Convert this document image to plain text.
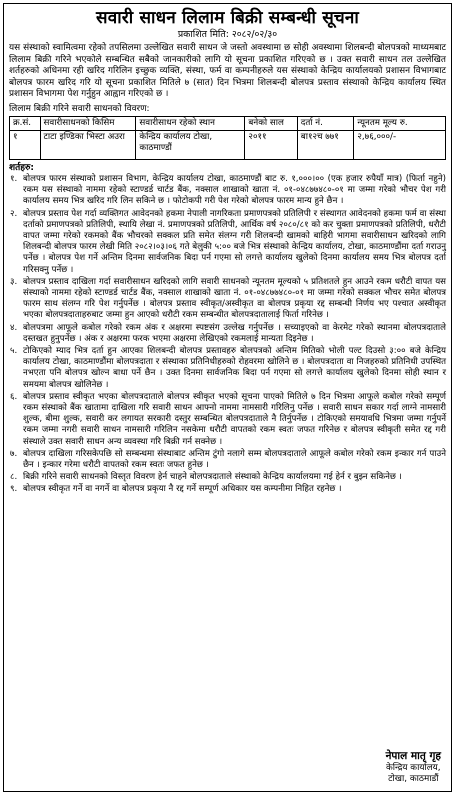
सवारी साधन लिलाम बिक्री सम्बन्धी सूचना
प्रकाशित मिति: २०८२/०२/३०

यस संस्थाको स्वामित्वमा रहेको तपसिलमा उल्लेखित सवारी साधन जे जस्तो अवस्थामा छ सोही अवस्थामा शिलबन्दी बोलपत्रको माध्यमबाट लिलाम बिक्री गरिने भएकोले सम्बन्धित सबैको जानकारीको लागि यो सूचना प्रकाशित गरिएको छ । उक्त सवारी साधन तल उल्लेखित शर्तहरुको अधिनमा रही खरिद गरिलिन इच्छुक व्यक्ति, संस्था, फर्म वा कम्पनीहरुले यस संस्थाको केन्द्रिय कार्यालयको प्रशासन विभागबाट बोलपत्र फारम खरिद गरि यो सूचना प्रकाशित मितिले ७ (सात) दिन भित्रमा शिलबन्दी बोलपत्र प्रस्ताव संस्थाको केन्द्रिय कार्यालय स्थित प्रशासन विभागमा पेश गर्नुहुन आह्वान गरिएको छ ।

लिलाम बिक्री गरिने सवारी साधनको विवरण:
क्र.सं.	सवारीसाधनको किसिम	सवारीसाधन रहेको स्थान	बनेको साल	दर्ता नं.	न्यूनतम मूल्य रु.
१	टाटा इण्डिका भिस्टा अउरा	केन्द्रिय कार्यालय टोखा, काठमाण्डौं	२०११	बा१२च ७७१	२,७६,०००/-
शर्तहरु:
१. बोलपत्र फारम संस्थाको प्रशासन विभाग, केन्द्रिय कार्यालय टोखा, काठमाण्डौं बाट रु. १,०००।०० (एक हजार रुपैयाँ मात्र) (फिर्ता नहुने) रकम यस संस्थाको नाममा रहेको स्टाण्डर्ड चार्टड बैंक, नक्साल शाखाको खाता नं. ०१-०४८७७४८०-०१ मा जम्मा गरेको भौचर पेश गरी कार्यालय समय भित्र खरिद गरि लिन सकिने छ । फोटोकपी गरी पेश गरेको बोलपत्र फारम मान्य हुने छैन ।
२. बोलपत्र प्रस्ताव पेश गर्दा व्यक्तिगत आवेदनको हकमा नेपाली नागरिकता प्रमाणपत्रको प्रतिलिपी र संस्थागत आवेदनको हकमा फर्म वा संस्था दर्ताको प्रमाणपत्रको प्रतिलिपी, स्थायि लेखा नं. प्रमाणपत्रको प्रतिलिपी, आर्थिक वर्ष २०८०/८१ को कर चुक्ता प्रमाणपत्रको प्रतिलिपी, धरौटी वापत जम्मा गरेको रकमको बैंक भौचरको सक्कल प्रति समेत संलग्न गरी शिलबन्दी खामको बाहिरी भागमा सवारीसाधन खरिदको लागि शिलबन्दी बोलपत्र फारम लेखी मिति २०८२।०३।०६ गते बेलुकी ५:०० बजे भित्र संस्थाको केन्द्रिय कार्यालय, टोखा, काठमाण्डौंमा दर्ता गराउनु पर्नेछ । बोलपत्र पेश गर्ने अन्तिम दिनमा सार्वजनिक बिदा पर्न गएमा सो लगत्ते कार्यालय खुलेको दिनमा कार्यालय समय भित्र बोलपत्र दर्ता गरिसक्नु पर्नेछ ।
३. बोलपत्र प्रस्ताव दाखिला गर्दा सवारीसाधन खरिदको लागि सवारी साधनको न्यूनतम मूल्यको ५ प्रतिशतले हुन आउने रकम धरौटी वापत यस संस्थाको नाममा रहेको स्टाण्डर्ड चार्टड बैंक, नक्साल शाखाको खाता नं. ०१-०४८७७४८०-०१ मा जम्मा गरेको सक्कल भौचर समेत बोलपत्र फारम साथ संलग्न गरि पेश गर्नुपर्नेछ । बोलपत्र प्रस्ताव स्वीकृत/अस्वीकृत वा बोलपत्र प्रकृया रद्द सम्बन्धी निर्णय भए पश्चात अस्वीकृत भएका बोलपत्रदाताहरुबाट जम्मा हुन आएको धरौटी रकम सम्बन्धीत बोलपत्रदातालाई फिर्ता गरिनेछ ।
४. बोलपत्रमा आफूले कबोल गरेको रकम अंक र अक्षरमा स्पष्टसंग उल्लेख गर्नुपर्नेछ । सच्याइएको वा केरमेट गरेको स्थानमा बोलपत्रदाताले दस्तखत हुनुपर्नेछ । अंक र अक्षरमा फरक भएमा अक्षरमा लेखिएको रकमलाई मान्यता दिइनेछ ।
५. टोकिएको म्याद भित्र दर्ता हुन आएका शिलबन्दी बोलपत्र प्रस्तावहरु बोलपत्रको अन्तिम मितिको भोली पल्ट दिउसो ३:०० बजे केन्द्रिय कार्यालय टोखा, काठमाण्डौंमा बोलपत्रदाता र संस्थाका प्रतिनिधीहरुको रोहवरमा खोलिने छ । बोलपत्रदाता वा निजहरुको प्रतिनिधी उपस्थित नभएता पनि बोलपत्र खोल्न बाधा पर्ने छैन । उक्त दिनमा सार्वजनिक बिदा पर्न गएमा सो लगत्ते कार्यालय खुलेको दिनमा सोही स्थान र समयमा बोलपत्र खोलिनेछ ।
६. बोलपत्र प्रस्ताव स्वीकृत भएका बोलपत्रदाताले बोलपत्र स्वीकृत भएको सूचना पाएको मितिले ७ दिन भित्रमा आफूले कबोल गरेको सम्पूर्ण रकम संस्थाको बैंक खातामा दाखिला गरि सवारी साधन आफ्नो नाममा नामसारी गरिलिनु पर्नेछ । सवारी साधन सकार गर्दा लाग्ने नामसारी शुल्क, बीमा शुल्क, सवारी कर लगायत सरकारी दस्तुर सम्बन्धित बोलपत्रदाताले नै तिर्नुपर्नेछ । टोकिएको समयावधि भित्रमा जम्मा गर्नुपर्ने रकम जम्मा नगरी सवारी साधन नामसारी गरिलिन नसकेमा धरौटी वापतको रकम स्वतः जफत गरिनेछ र बोलपत्र स्वीकृती समेत रद्द गरी संस्थाले उक्त सवारी साधन अन्य व्यवस्था गरि बिक्री गर्न सक्नेछ ।
७. बोलपत्र दाखिला गरिसकेपछि सो सम्बन्धमा संस्थाबाट अन्तिम टुंगो नलागे सम्म बोलपत्रदाताले आफूले कबोल गरेको रकम इन्कार गर्न पाउने छैन । इन्कार गरेमा धरौटी वापतको रकम स्वतः जफत हुनेछ ।
८. बिक्री गरिने सवारी साधनको विस्तृत विवरण हेर्न चाहने बोलपत्रदाताले संस्थाको केन्द्रिय कार्यालयमा गई हेर्न र बुझ्न सकिनेछ ।
९. बोलपत्र स्वीकृत गर्ने वा नगर्ने वा बोलपत्र प्रकृया नै रद्द गर्ने सम्पूर्ण अधिकार यस कम्पनीमा निहित रहनेछ ।
नेपाल मातृ गृह
केन्द्रिय कार्यालय,
टोखा, काठमाडौं
